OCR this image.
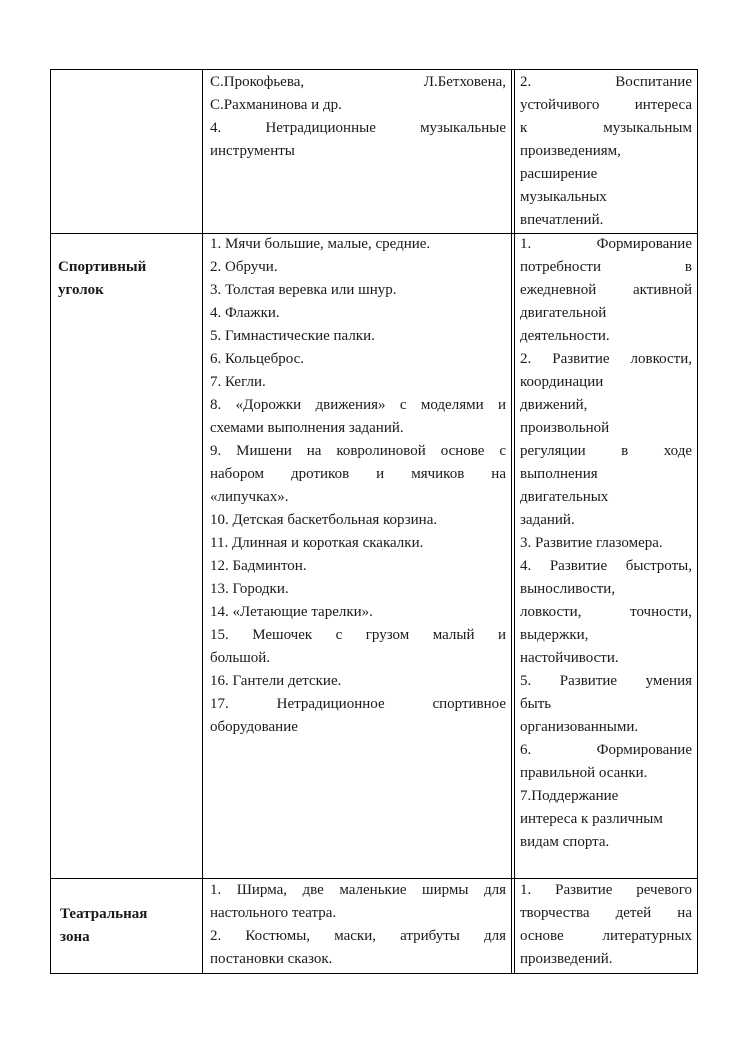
С.Прокофьева, Л.Бетховена,
С.Рахманинова и др.
4. Нетрадиционные музыкальные
инструменты
2. Воспитание
устойчивого интереса
к музыкальным
произведениям,
расширение
музыкальных
впечатлений.
Спортивный
уголок
1. Мячи большие, малые, средние.
2. Обручи.
3. Толстая веревка или шнур.
4. Флажки.
5. Гимнастические палки.
6. Кольцеброс.
7. Кегли.
8. «Дорожки движения» с моделями и
схемами выполнения заданий.
9. Мишени на ковролиновой основе с
набором дротиков и мячиков на
«липучках».
10. Детская баскетбольная корзина.
11. Длинная и короткая скакалки.
12. Бадминтон.
13. Городки.
14. «Летающие тарелки».
15. Мешочек с грузом малый и
большой.
16. Гантели детские.
17. Нетрадиционное спортивное
оборудование
1. Формирование
потребности в
ежедневной активной
двигательной
деятельности.
2. Развитие ловкости,
координации
движений,
произвольной
регуляции в ходе
выполнения
двигательных
заданий.
3. Развитие глазомера.
4. Развитие быстроты,
выносливости,
ловкости, точности,
выдержки,
настойчивости.
5. Развитие умения
быть
организованными.
6. Формирование
правильной осанки.
7.Поддержание
интереса к различным
видам спорта.
Театральная
зона
1. Ширма, две маленькие ширмы для
настольного театра.
2. Костюмы, маски, атрибуты для
постановки сказок.
1. Развитие речевого
творчества детей на
основе литературных
произведений.
